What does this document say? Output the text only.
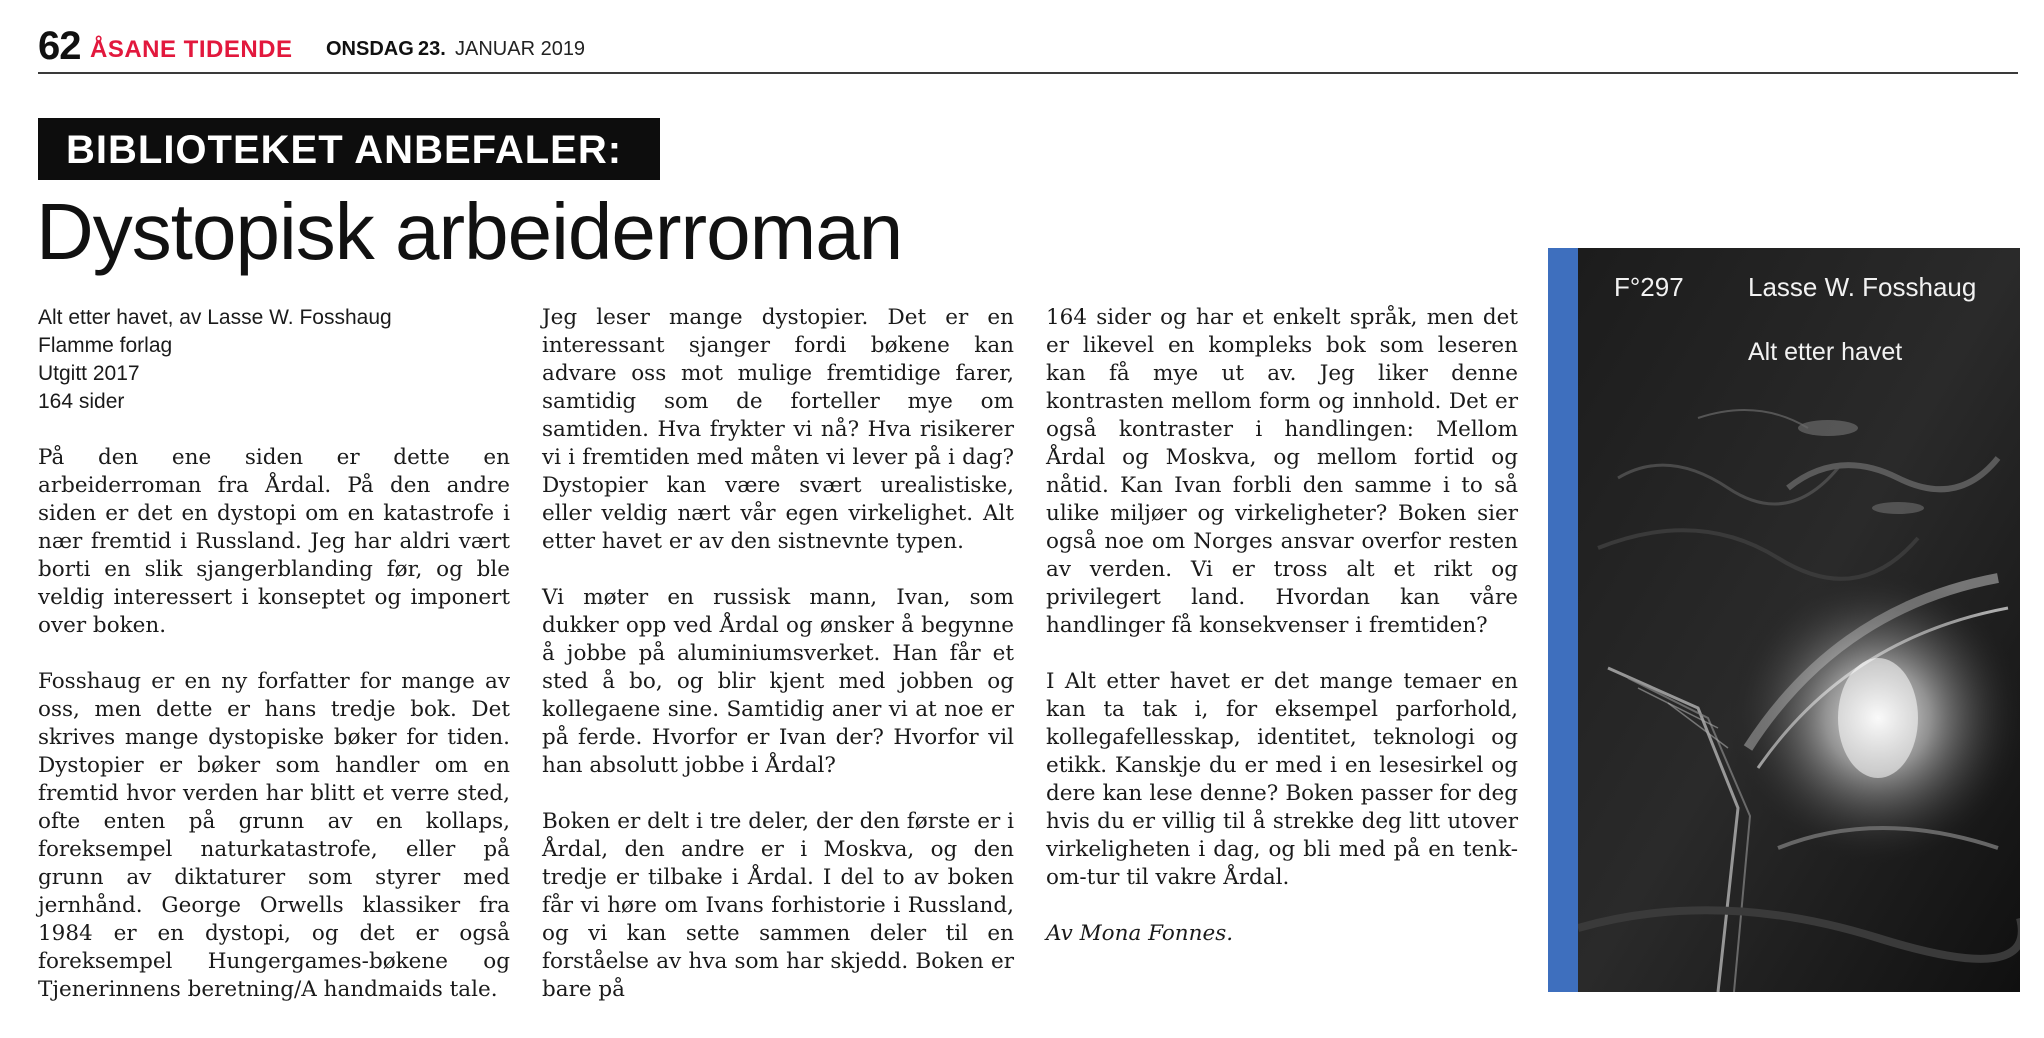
62 ÅSANE TIDENDE ONSDAG 23. JANUAR 2019
BIBLIOTEKET ANBEFALER:
Dystopisk arbeiderroman
Alt etter havet, av Lasse W. Fosshaug
Flamme forlag
Utgitt 2017
164 sider

På den ene siden er dette en arbeiderroman fra Årdal. På den andre siden er det en dystopi om en katastrofe i nær fremtid i Russland. Jeg har aldri vært borti en slik sjangerblanding før, og ble veldig interessert i konseptet og imponert over boken.

Fosshaug er en ny forfatter for mange av oss, men dette er hans tredje bok. Det skrives mange dystopiske bøker for tiden. Dystopier er bøker som handler om en fremtid hvor verden har blitt et verre sted, ofte enten på grunn av en kollaps, foreksempel naturkatastrofe, eller på grunn av diktaturer som styrer med jernhånd. George Orwells klassiker fra 1984 er en dystopi, og det er også foreksempel Hungergames-bøkene og Tjenerinnens beretning/A handmaids tale.

Jeg leser mange dystopier. Det er en interessant sjanger fordi bøkene kan advare oss mot mulige fremtidige farer, samtidig som de forteller mye om samtiden. Hva frykter vi nå? Hva risikerer vi i fremtiden med måten vi lever på i dag? Dystopier kan være svært urealistiske, eller veldig nært vår egen virkelighet. Alt etter havet er av den sistnevnte typen.

Vi møter en russisk mann, Ivan, som dukker opp ved Årdal og ønsker å begynne å jobbe på aluminiumsverket. Han får et sted å bo, og blir kjent med jobben og kollegaene sine. Samtidig aner vi at noe er på ferde. Hvorfor er Ivan der? Hvorfor vil han absolutt jobbe i Årdal?

Boken er delt i tre deler, der den første er i Årdal, den andre er i Moskva, og den tredje er tilbake i Årdal. I del to av boken får vi høre om Ivans forhistorie i Russland, og vi kan sette sammen deler til en forståelse av hva som har skjedd. Boken er bare på

164 sider og har et enkelt språk, men det er likevel en kompleks bok som leseren kan få mye ut av. Jeg liker denne kontrasten mellom form og innhold. Det er også kontraster i handlingen: Mellom Årdal og Moskva, og mellom fortid og nåtid. Kan Ivan forbli den samme i to så ulike miljøer og virkeligheter? Boken sier også noe om Norges ansvar overfor resten av verden. Vi er tross alt et rikt og privilegert land. Hvordan kan våre handlinger få konsekvenser i fremtiden?

I Alt etter havet er det mange temaer en kan ta tak i, for eksempel parforhold, kollegafellesskap, identitet, teknologi og etikk. Kanskje du er med i en lesesirkel og dere kan lese denne? Boken passer for deg hvis du er villig til å strekke deg litt utover virkeligheten i dag, og bli med på en tenk-om-tur til vakre Årdal.

Av Mona Fonnes.
F°297 Lasse W. Fosshaug
Alt etter havet
